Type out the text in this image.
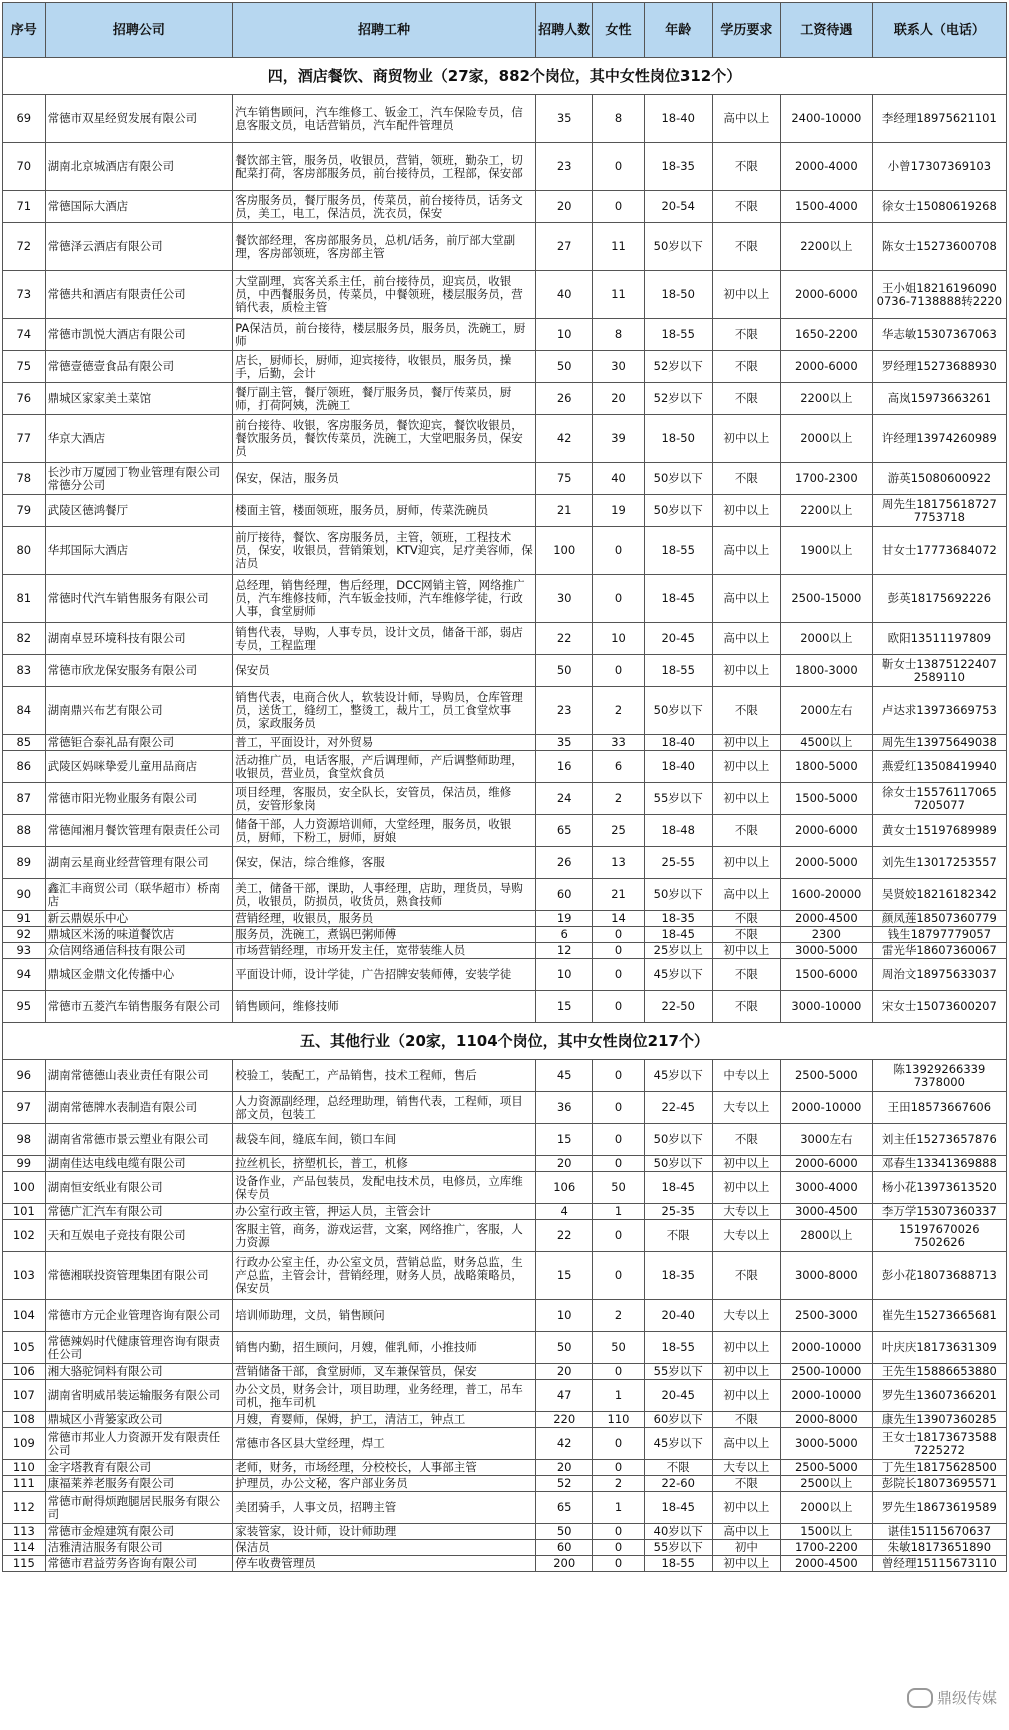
序号	招聘公司	招聘工种	招聘人数	女性	年龄	学历要求	工资待遇	联系人（电话）
四，酒店餐饮、商贸物业（27家，882个岗位，其中女性岗位312个）								
69	常德市双星经贸发展有限公司	汽车销售顾问，汽车维修工、钣金工，汽车保险专员，信息客服文员，电话营销员，汽车配件管理员	35	8	18-40	高中以上	2400-10000	李经理18975621101
70	湖南北京城酒店有限公司	餐饮部主管，服务员，收银员，营销，领班，勤杂工，切配菜打荷，客房部服务员，前台接待员，工程部，保安部	23	0	18-35	不限	2000-4000	小曾17307369103
71	常德国际大酒店	客房服务员，餐厅服务员，传菜员，前台接待员，话务文员，美工，电工，保洁员，洗衣员，保安	20	0	20-54	不限	1500-4000	徐女士15080619268
72	常德泽云酒店有限公司	餐饮部经理，客房部服务员，总机/话务，前厅部大堂副理，客房部领班，客房部主管	27	11	50岁以下	不限	2200以上	陈女士15273600708
73	常德共和酒店有限责任公司	大堂副理，宾客关系主任，前台接待员，迎宾员，收银员，中西餐服务员，传菜员，中餐领班，楼层服务员，营销代表，质检主管	40	11	18-50	初中以上	2000-6000	王小姐18216196090 0736-7138888转2220
74	常德市凯悦大酒店有限公司	PA保洁员，前台接待，楼层服务员，服务员，洗碗工，厨师	10	8	18-55	不限	1650-2200	华志敏15307367063
75	常德壹德壹食品有限公司	店长，厨师长，厨师，迎宾接待，收银员，服务员，操手，后勤，会计	50	30	52岁以下	不限	2000-6000	罗经理15273688930
76	鼎城区家家美土菜馆	餐厅副主管，餐厅领班，餐厅服务员，餐厅传菜员，厨师，打荷阿姨，洗碗工	26	20	52岁以下	不限	2200以上	高岚15973663261
77	华京大酒店	前台接待、收银，客房服务员，餐饮迎宾，餐饮收银员，餐饮服务员，餐饮传菜员，洗碗工，大堂吧服务员，保安员	42	39	18-50	初中以上	2000以上	许经理13974260989
78	长沙市万厦园丁物业管理有限公司常德分公司	保安，保洁，服务员	75	40	50岁以下	不限	1700-2300	游英15080600922
79	武陵区德鸿餐厅	楼面主管，楼面领班，服务员，厨师，传菜洗碗员	21	19	50岁以下	初中以上	2200以上	周先生18175618727 7753718
80	华邦国际大酒店	前厅接待，餐饮、客房服务员，主管，领班，工程技术员，保安，收银员，营销策划，KTV迎宾，足疗美容师，保洁员	100	0	18-55	高中以上	1900以上	甘女士17773684072
81	常德时代汽车销售服务有限公司	总经理，销售经理，售后经理，DCC网销主管，网络推广员，汽车维修技师，汽车钣金技师，汽车维修学徒，行政人事，食堂厨师	30	0	18-45	高中以上	2500-15000	彭英18175692226
82	湖南卓昱环境科技有限公司	销售代表，导购，人事专员，设计文员，储备干部，弱店专员，工程监理	22	10	20-45	高中以上	2000以上	欧阳13511197809
83	常德市欣龙保安服务有限公司	保安员	50	0	18-55	初中以上	1800-3000	靳女士13875122407 2589110
84	湖南鼎兴布艺有限公司	销售代表，电商合伙人，软装设计师，导购员，仓库管理员，送货工，缝纫工，整烫工，裁片工，员工食堂炊事员，家政服务员	23	2	50岁以下	不限	2000左右	卢达求13973669753
85	常德钜合泰礼品有限公司	普工，平面设计，对外贸易	35	33	18-40	初中以上	4500以上	周先生13975649038
86	武陵区妈咪挚爱儿童用品商店	活动推广员，电话客服，产后调理师，产后调整师助理，收银员，营业员，食堂炊食员	16	6	18-40	初中以上	1800-5000	燕爱红13508419940
87	常德市阳光物业服务有限公司	项目经理，客服员，安全队长，安管员，保洁员，维修员，安管形象岗	24	2	55岁以下	初中以上	1500-5000	徐女士15576117065 7205077
88	常德闻湘月餐饮管理有限责任公司	储备干部，人力资源培训师，大堂经理，服务员，收银员，厨师，下粉工，厨师，厨娘	65	25	18-48	不限	2000-6000	黄女士15197689989
89	湖南云星商业经营管理有限公司	保安，保洁，综合维修，客服	26	13	25-55	初中以上	2000-5000	刘先生13017253557
90	鑫汇丰商贸公司（联华超市）桥南店	美工，储备干部，课助，人事经理，店助，理货员，导购员，收银员，防损员，收货员，熟食技师	60	21	50岁以下	高中以上	1600-20000	吴贤姣18216182342
91	新云鼎娱乐中心	营销经理，收银员，服务员	19	14	18-35	不限	2000-4500	颜凤莲18507360779
92	鼎城区米汤的味道餐饮店	服务员，洗碗工，煮锅巴粥师傅	6	0	18-45	不限	2300	钱生18797779057
93	众信网络通信科技有限公司	市场营销经理，市场开发主任，宽带装维人员	12	0	25岁以上	初中以上	3000-5000	雷光华18607360067
94	鼎城区金鼎文化传播中心	平面设计师，设计学徒，广告招牌安装师傅，安装学徒	10	0	45岁以下	不限	1500-6000	周治文18975633037
95	常德市五菱汽车销售服务有限公司	销售顾问，维修技师	15	0	22-50	不限	3000-10000	宋女士15073600207
五、其他行业（20家，1104个岗位，其中女性岗位217个）								
96	湖南常德德山表业责任有限公司	校验工，装配工，产品销售，技术工程师，售后	45	0	45岁以下	中专以上	2500-5000	陈13929266339 7378000
97	湖南常德牌水表制造有限公司	人力资源副经理，总经理助理，销售代表，工程师，项目部文员，包装工	36	0	22-45	大专以上	2000-10000	王田18573667606
98	湖南省常德市景云塑业有限公司	裁袋车间，缝底车间，锁口车间	15	0	50岁以下	不限	3000左右	刘主任15273657876
99	湖南佳达电线电缆有限公司	拉丝机长，挤塑机长，普工，机修	20	0	50岁以下	初中以上	2000-6000	邓春生13341369888
100	湖南恒安纸业有限公司	设备作业，产品包装员，发配电技术员，电修员，立库维保专员	106	50	18-45	初中以上	3000-4000	杨小花13973613520
101	常德广汇汽车有限公司	办公室行政主管，押运人员，主管会计	4	1	25-35	大专以上	3000-4500	李万学15307360337
102	天和互娱电子竞技有限公司	客服主管，商务，游戏运营，文案，网络推广，客服，人力资源	22	0	不限	大专以上	2800以上	15197670026 7502626
103	常德湘联投资管理集团有限公司	行政办公室主任，办公室文员，营销总监，财务总监，生产总监，主管会计，营销经理，财务人员，战略策略员，保安员	15	0	18-35	不限	3000-8000	彭小花18073688713
104	常德市方元企业管理咨询有限公司	培训师助理，文员，销售顾问	10	2	20-40	大专以上	2500-3000	崔先生15273665681
105	常德辣妈时代健康管理咨询有限责任公司	销售内勤，招生顾问，月嫂，催乳师，小推技师	50	50	18-55	初中以上	2000-10000	叶庆庆18173631309
106	湘大骆驼饲料有限公司	营销储备干部，食堂厨师，叉车兼保管员，保安	20	0	55岁以下	初中以上	2500-10000	王先生15886653880
107	湖南省明威吊装运输服务有限公司	办公文员，财务会计，项目助理，业务经理，普工，吊车司机，拖车司机	47	1	20-45	初中以上	2000-10000	罗先生13607366201
108	鼎城区小背篓家政公司	月嫂，育婴师，保姆，护工，清洁工，钟点工	220	110	60岁以下	不限	2000-8000	康先生13907360285
109	常德市邦业人力资源开发有限责任公司	常德市各区县大堂经理，焊工	42	0	45岁以下	高中以上	3000-5000	王女士18173673588 7225272
110	金字塔教育有限公司	老师，财务，市场经理，分校校长，人事部主管	20	0	不限	大专以上	2500-5000	丁先生18175628500
111	康福莱养老服务有限公司	护理员，办公文秘，客户部业务员	52	2	22-60	不限	2500以上	彭院长18073695571
112	常德市耐得烦跑腿居民服务有限公司	美团骑手，人事文员，招聘主管	65	1	18-45	初中以上	2000以上	罗先生18673619589
113	常德市金煌建筑有限公司	家装管家，设计师，设计师助理	50	0	40岁以下	高中以上	1500以上	谌佳15115670637
114	洁雅清洁服务有限公司	保洁员	60	0	55岁以下	初中	1700-2200	朱敏18173651890
115	常德市君益劳务咨询有限公司	停车收费管理员	200	0	18-55	初中以上	2000-4500	曾经理15115673110
鼎级传媒
